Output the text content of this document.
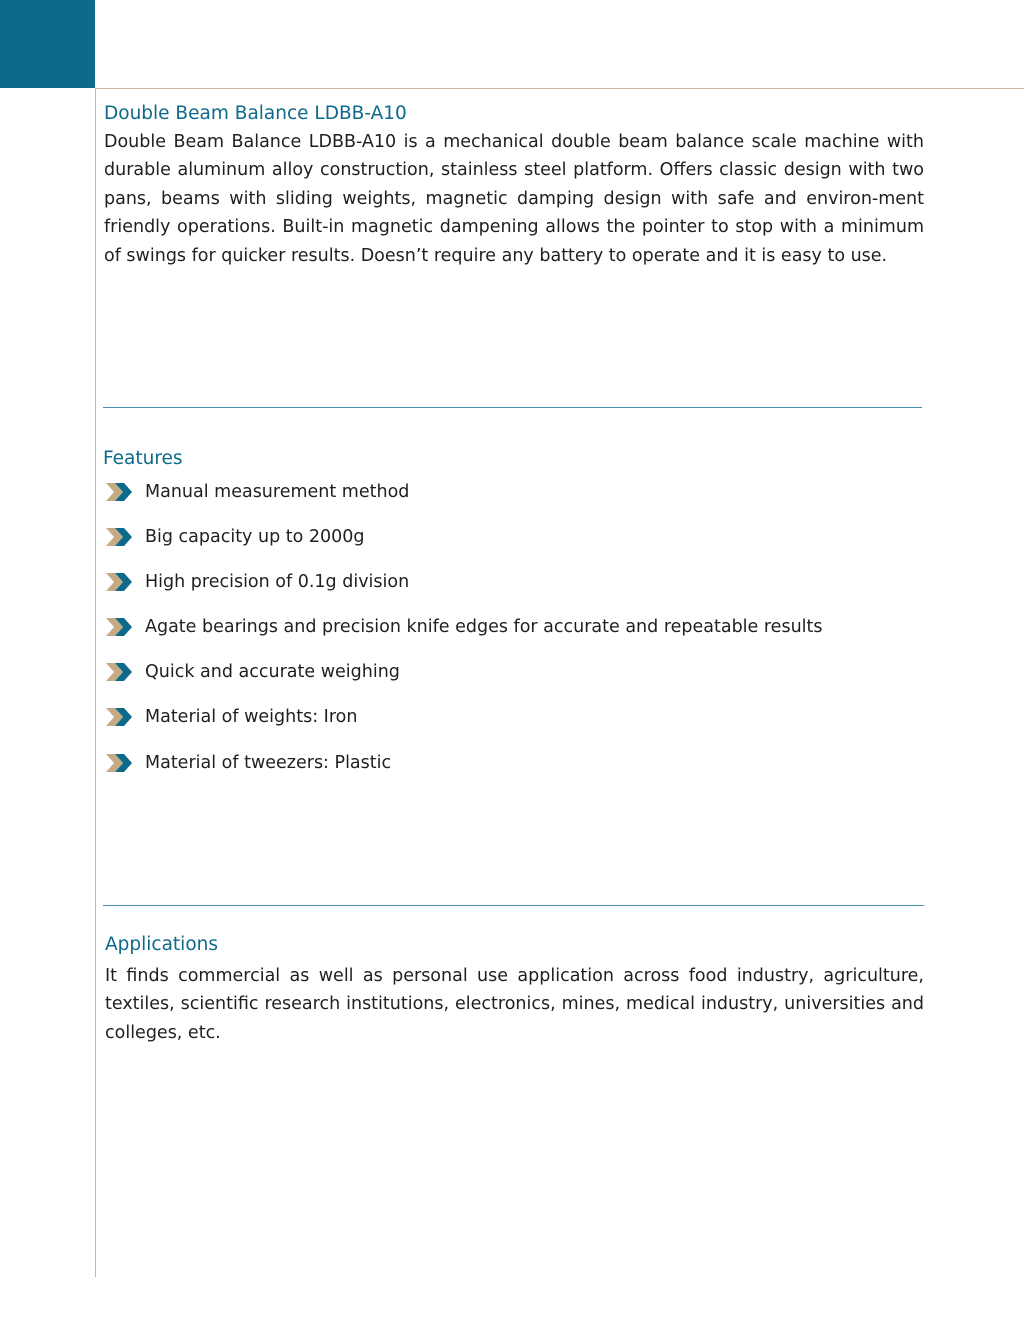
Double Beam Balance LDBB-A10

Double Beam Balance LDBB-A10 is a mechanical double beam balance scale machine with durable aluminum alloy construction, stainless steel platform. Offers classic design with two pans, beams with sliding weights, magnetic damping design with safe and environ-ment friendly operations. Built-in magnetic dampening allows the pointer to stop with a minimum of swings for quicker results. Doesn’t require any battery to operate and it is easy to use.

Features
Manual measurement method
Big capacity up to 2000g
High precision of 0.1g division
Agate bearings and precision knife edges for accurate and repeatable results
Quick and accurate weighing
Material of weights: Iron
Material of tweezers: Plastic
Applications

It finds commercial as well as personal use application across food industry, agriculture, textiles, scientific research institutions, electronics, mines, medical industry, universities and colleges, etc.
